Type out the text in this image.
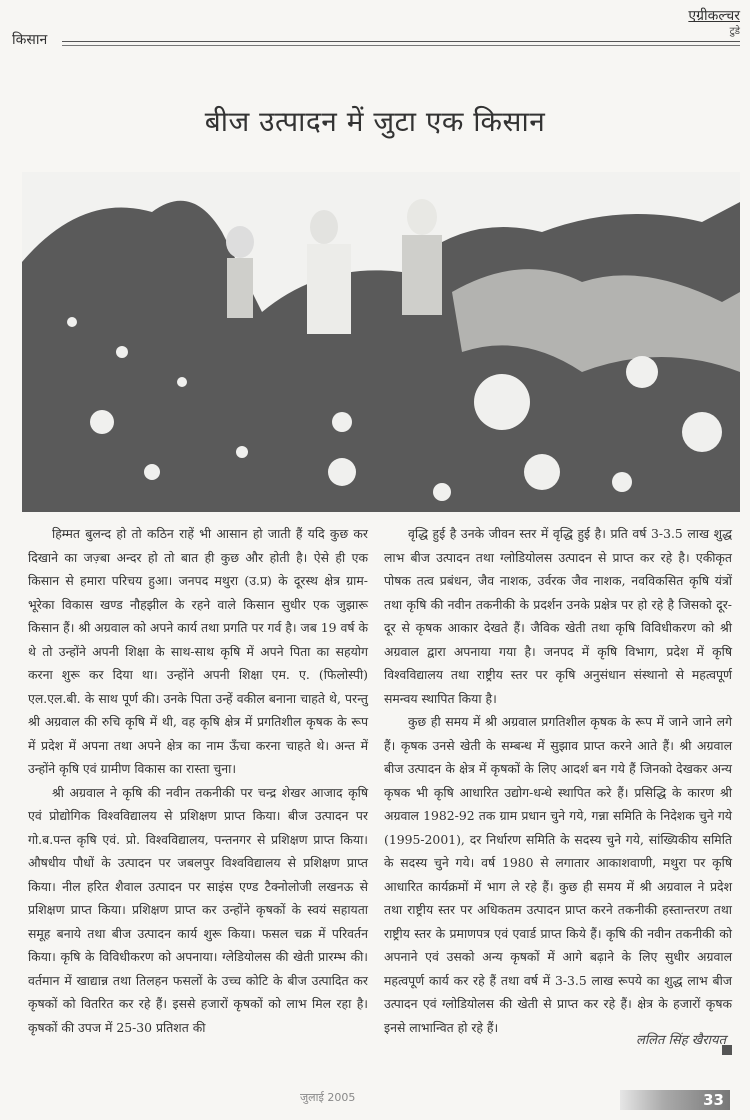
किसान
एग्रीकल्चर
टुडे
बीज उत्पादन में जुटा एक किसान

हिम्मत बुलन्द हो तो कठिन राहें भी आसान हो जाती हैं यदि कुछ कर दिखाने का जज़्बा अन्दर हो तो बात ही कुछ और होती है। ऐसे ही एक किसान से हमारा परिचय हुआ। जनपद मथुरा (उ.प्र) के दूरस्थ क्षेत्र ग्राम-भूरेका विकास खण्ड नौहझील के रहने वाले किसान सुधीर एक जुझारू किसान हैं। श्री अग्रवाल को अपने कार्य तथा प्रगति पर गर्व है। जब 19 वर्ष के थे तो उन्होंने अपनी शिक्षा के साथ-साथ कृषि में अपने पिता का सहयोग करना शुरू कर दिया था। उन्होंने अपनी शिक्षा एम. ए. (फिलोस्पी) एल.एल.बी. के साथ पूर्ण की। उनके पिता उन्हें वकील बनाना चाहते थे, परन्तु श्री अग्रवाल की रुचि कृषि में थी, वह कृषि क्षेत्र में प्रगतिशील कृषक के रूप में प्रदेश में अपना तथा अपने क्षेत्र का नाम ऊँचा करना चाहते थे। अन्त में उन्होंने कृषि एवं ग्रामीण विकास का रास्ता चुना।

श्री अग्रवाल ने कृषि की नवीन तकनीकी पर चन्द्र शेखर आजाद कृषि एवं प्रोद्योगिक विश्वविद्यालय से प्रशिक्षण प्राप्त किया। बीज उत्पादन पर गो.ब.पन्त कृषि एवं. प्रो. विश्वविद्यालय, पन्तनगर से प्रशिक्षण प्राप्त किया। औषधीय पौधों के उत्पादन पर जबलपुर विश्वविद्यालय से प्रशिक्षण प्राप्त किया। नील हरित शैवाल उत्पादन पर साइंस एण्ड टैक्नोलोजी लखनऊ से प्रशिक्षण प्राप्त किया। प्रशिक्षण प्राप्त कर उन्होंने कृषकों के स्वयं सहायता समूह बनाये तथा बीज उत्पादन कार्य शुरू किया। फसल चक्र में परिवर्तन किया। कृषि के विविधीकरण को अपनाया। ग्लेडियोलस की खेती प्रारम्भ की। वर्तमान में खाद्यान्न तथा तिलहन फसलों के उच्च कोटि के बीज उत्पादित कर कृषकों को वितरित कर रहे हैं। इससे हजारों कृषकों को लाभ मिल रहा है। कृषकों की उपज में 25-30 प्रतिशत की

वृद्धि हुई है उनके जीवन स्तर में वृद्धि हुई है। प्रति वर्ष 3-3.5 लाख शुद्ध लाभ बीज उत्पादन तथा ग्लोडियोलस उत्पादन से प्राप्त कर रहे है। एकीकृत पोषक तत्व प्रबंधन, जैव नाशक, उर्वरक जैव नाशक, नवविकसित कृषि यंत्रों तथा कृषि की नवीन तकनीकी के प्रदर्शन उनके प्रक्षेत्र पर हो रहे है जिसको दूर-दूर से कृषक आकार देखते हैं। जैविक खेती तथा कृषि विविधीकरण को श्री अग्रवाल द्वारा अपनाया गया है। जनपद में कृषि विभाग, प्रदेश में कृषि विश्वविद्यालय तथा राष्ट्रीय स्तर पर कृषि अनुसंधान संस्थानो से महत्वपूर्ण समन्वय स्थापित किया है।

कुछ ही समय में श्री अग्रवाल प्रगतिशील कृषक के रूप में जाने जाने लगे हैं। कृषक उनसे खेती के सम्बन्ध में सुझाव प्राप्त करने आते हैं। श्री अग्रवाल बीज उत्पादन के क्षेत्र में कृषकों के लिए आदर्श बन गये हैं जिनको देखकर अन्य कृषक भी कृषि आधारित उद्योग-धन्धे स्थापित करे हैं। प्रसिद्धि के कारण श्री अग्रवाल 1982-92 तक ग्राम प्रधान चुने गये, गन्ना समिति के निदेशक चुने गये (1995-2001), दर निर्धारण समिति के सदस्य चुने गये, सांख्यिकीय समिति के सदस्य चुने गये। वर्ष 1980 से लगातार आकाशवाणी, मथुरा पर कृषि आधारित कार्यक्रमों में भाग ले रहे हैं। कुछ ही समय में श्री अग्रवाल ने प्रदेश तथा राष्ट्रीय स्तर पर अधिकतम उत्पादन प्राप्त करने तकनीकी हस्तान्तरण तथा राष्ट्रीय स्तर के प्रमाणपत्र एवं एवार्ड प्राप्त किये हैं। कृषि की नवीन तकनीकी को अपनाने एवं उसको अन्य कृषकों में आगे बढ़ाने के लिए सुधीर अग्रवाल महत्वपूर्ण कार्य कर रहे हैं तथा वर्ष में 3-3.5 लाख रूपये का शुद्ध लाभ बीज उत्पादन एवं ग्लोडियोलस की खेती से प्राप्त कर रहे हैं। क्षेत्र के हजारों कृषक इनसे लाभान्वित हो रहे हैं।

ललित सिंह खैरायत
जुलाई 2005	33
